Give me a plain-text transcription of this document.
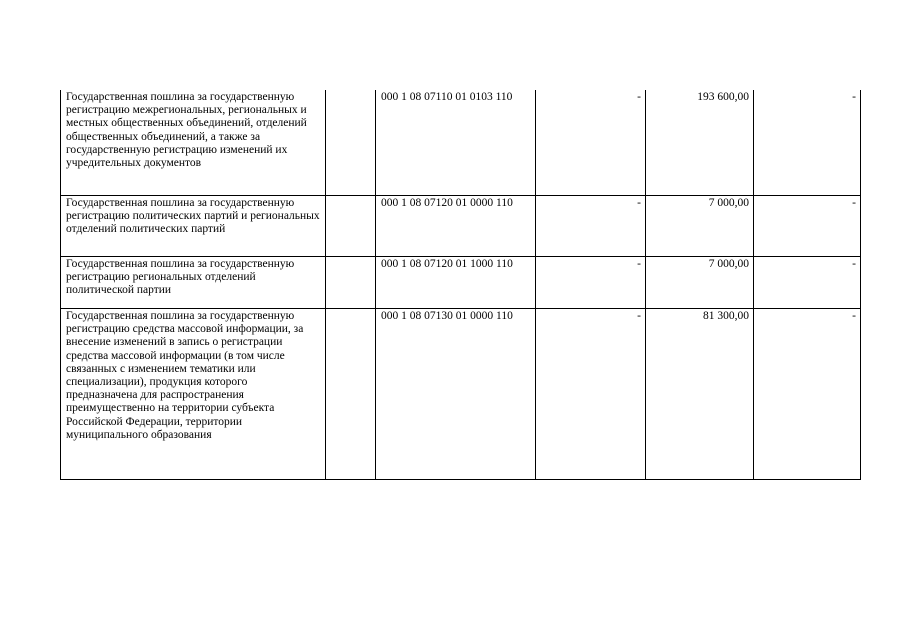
Государственная пошлина за государственную регистрацию межрегиональных, региональных и местных общественных объединений, отделений общественных объединений, а также за государственную регистрацию изменений их учредительных документов		000 1 08 07110 01 0103 110	-	193 600,00	-
Государственная пошлина за государственную регистрацию политических партий и региональных отделений политических партий		000 1 08 07120 01 0000 110	-	7 000,00	-
Государственная пошлина за государственную регистрацию региональных отделений политической партии		000 1 08 07120 01 1000 110	-	7 000,00	-
Государственная пошлина за государственную регистрацию средства массовой информации, за внесение изменений в запись о регистрации средства массовой информации (в том числе связанных с изменением тематики или специализации), продукция которого предназначена для распространения преимущественно на территории субъекта Российской Федерации, территории муниципального образования		000 1 08 07130 01 0000 110	-	81 300,00	-
